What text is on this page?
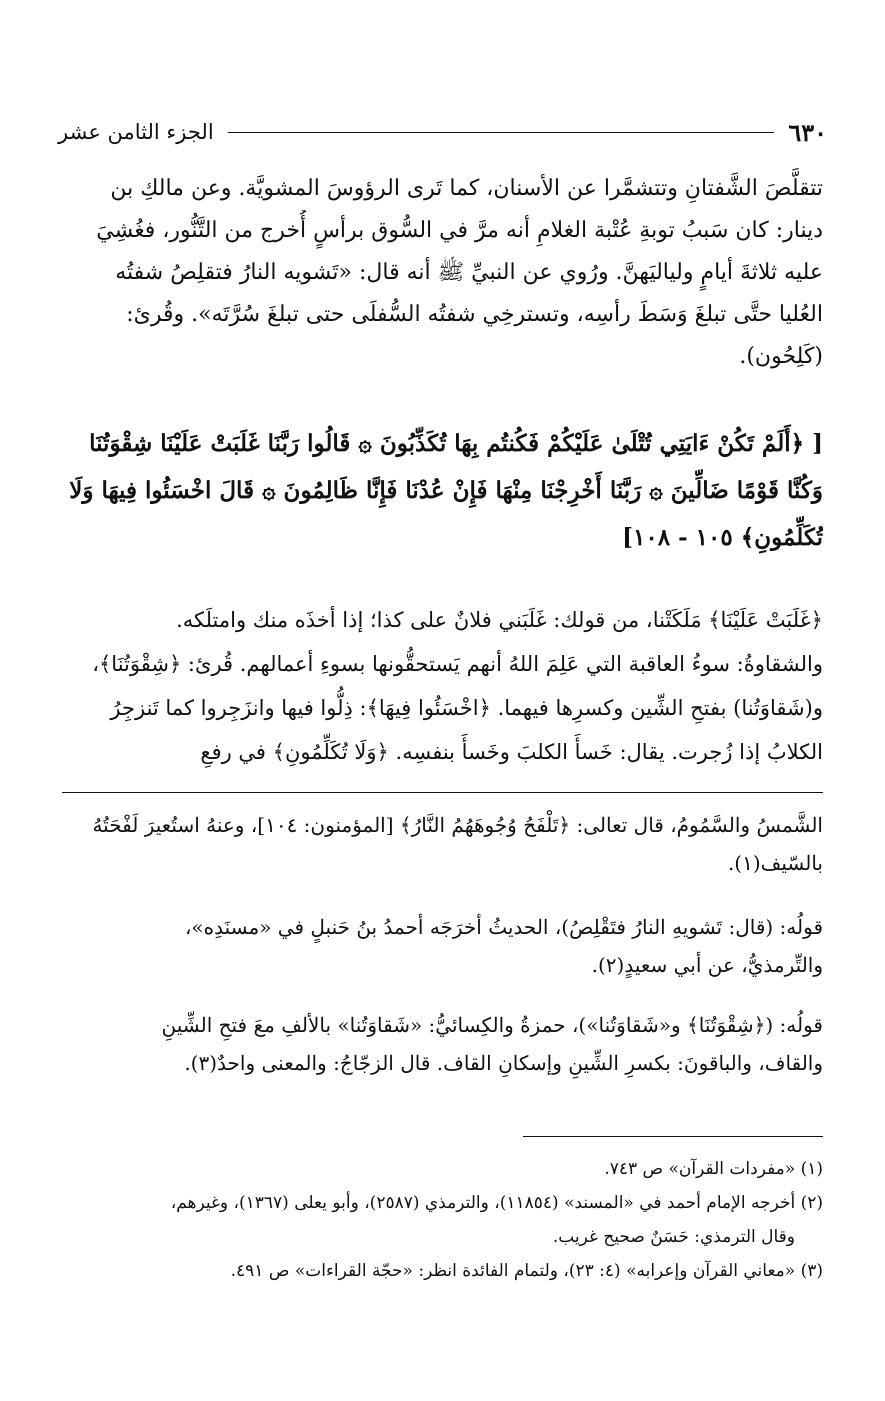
٦٣٠
الجزء الثامن عشر
تتقلَّصَ الشَّفتانِ وتتشمَّرا عن الأسنان، كما تَرى الرؤوسَ المشويَّة. وعن مالكِ بن
دينار: كان سَببُ توبةِ عُتْبة الغلامِ أنه مرَّ في السُّوق برأسٍ أُخرج من التَّنُّور، فغُشِيَ
عليه ثلاثةَ أيامٍ ولياليَهنَّ. ورُوي عن النبيِّ ﷺ أنه قال: «تَشويه النارُ فتقلِصُ شفتُه
العُليا حتَّى تبلغَ وَسَطَ رأسِه، وتسترخِي شفتُه السُّفلَى حتى تبلغَ سُرَّتَه». وقُرئ:
(كَلِحُون).
[ ﴿أَلَمْ تَكُنْ ءَايَتِي تُتْلَىٰ عَلَيْكُمْ فَكُنتُم بِهَا تُكَذِّبُونَ ۞ قَالُوا رَبَّنَا غَلَبَتْ عَلَيْنَا شِقْوَتُنَا
وَكُنَّا قَوْمًا ضَالِّينَ ۞ رَبَّنَا أَخْرِجْنَا مِنْهَا فَإِنْ عُدْنَا فَإِنَّا ظَالِمُونَ ۞ قَالَ اخْسَئُوا فِيهَا وَلَا
تُكَلِّمُونِ﴾ ١٠٥ - ١٠٨]
﴿غَلَبَتْ عَلَيْنَا﴾ مَلَكَتْنا، من قولك: غَلَبَني فلانٌ على كذا؛ إذا أخذَه منك وامتلَكه.
والشقاوةُ: سوءُ العاقبة التي عَلِمَ اللهُ أنهم يَستحقُّونها بسوءِ أعمالهم. قُرئ: ﴿شِقْوَتُنَا﴾،
و(شَقاوَتُنا) بفتحِ الشِّين وكسرِها فيهما. ﴿اخْسَئُوا فِيهَا﴾: ذِلُّوا فيها وانزَجِروا كما تَنزجِرُ
الكلابُ إذا زُجرت. يقال: خَسأَ الكلبَ وخَسأَ بنفسِه. ﴿وَلَا تُكَلِّمُونِ﴾ في رفعِ
الشَّمسُ والسَّمُومُ، قال تعالى: ﴿تَلْفَحُ وُجُوهَهُمُ النَّارُ﴾ [المؤمنون: ١٠٤]، وعنهُ استُعيرَ لَفْحَتُهُ
بالسّيف(١).
قولُه: (قال: تَشويهِ النارُ فتَقْلِصُ)، الحديثُ أخرَجَه أحمدُ بنُ حَنبلٍ في «مسنَدِه»،
والتِّرمذيُّ، عن أبي سعيدٍ(٢).
قولُه: (﴿شِقْوَتُنَا﴾ و«شَقاوَتُنا»)، حمزةُ والكِسائيُّ: «شَقاوَتُنا» بالألفِ معَ فتحِ الشِّينِ
والقاف، والباقونَ: بكسرِ الشِّينِ وإسكانِ القاف. قال الزجّاجُ: والمعنى واحدٌ(٣).
(١) «مفردات القرآن» ص ٧٤٣.
(٢) أخرجه الإمام أحمد في «المسند» (١١٨٥٤)، والترمذي (٢٥٨٧)، وأبو يعلى (١٣٦٧)، وغيرهم،
وقال الترمذي: حَسَنٌ صحيح غريب.
(٣) «معاني القرآن وإعرابه» (٤: ٢٣)، ولتمام الفائدة انظر: «حجّة القراءات» ص ٤٩١.
